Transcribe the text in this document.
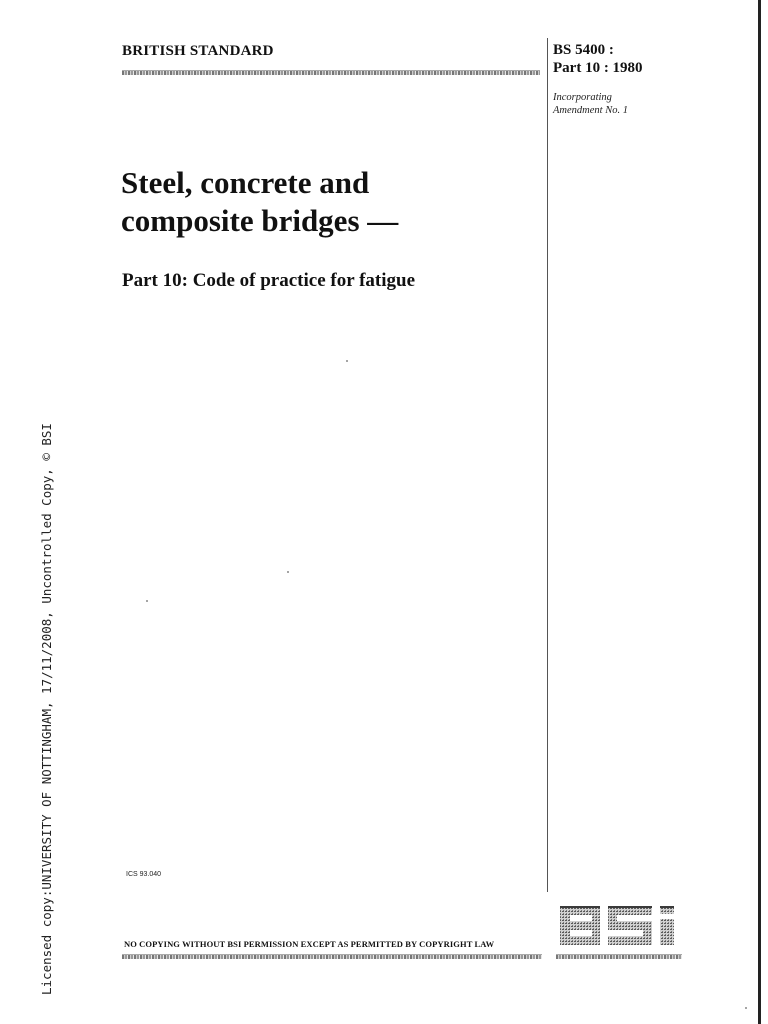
BRITISH STANDARD	BS 5400 :
Part 10 : 1980
Incorporating
Amendment No. 1
Steel, concrete and
composite bridges —
Part 10: Code of practice for fatigue
ICS 93.040
NO COPYING WITHOUT BSI PERMISSION EXCEPT AS PERMITTED BY COPYRIGHT LAW
BSi
Licensed copy:UNIVERSITY OF NOTTINGHAM, 17/11/2008, Uncontrolled Copy, © BSI
